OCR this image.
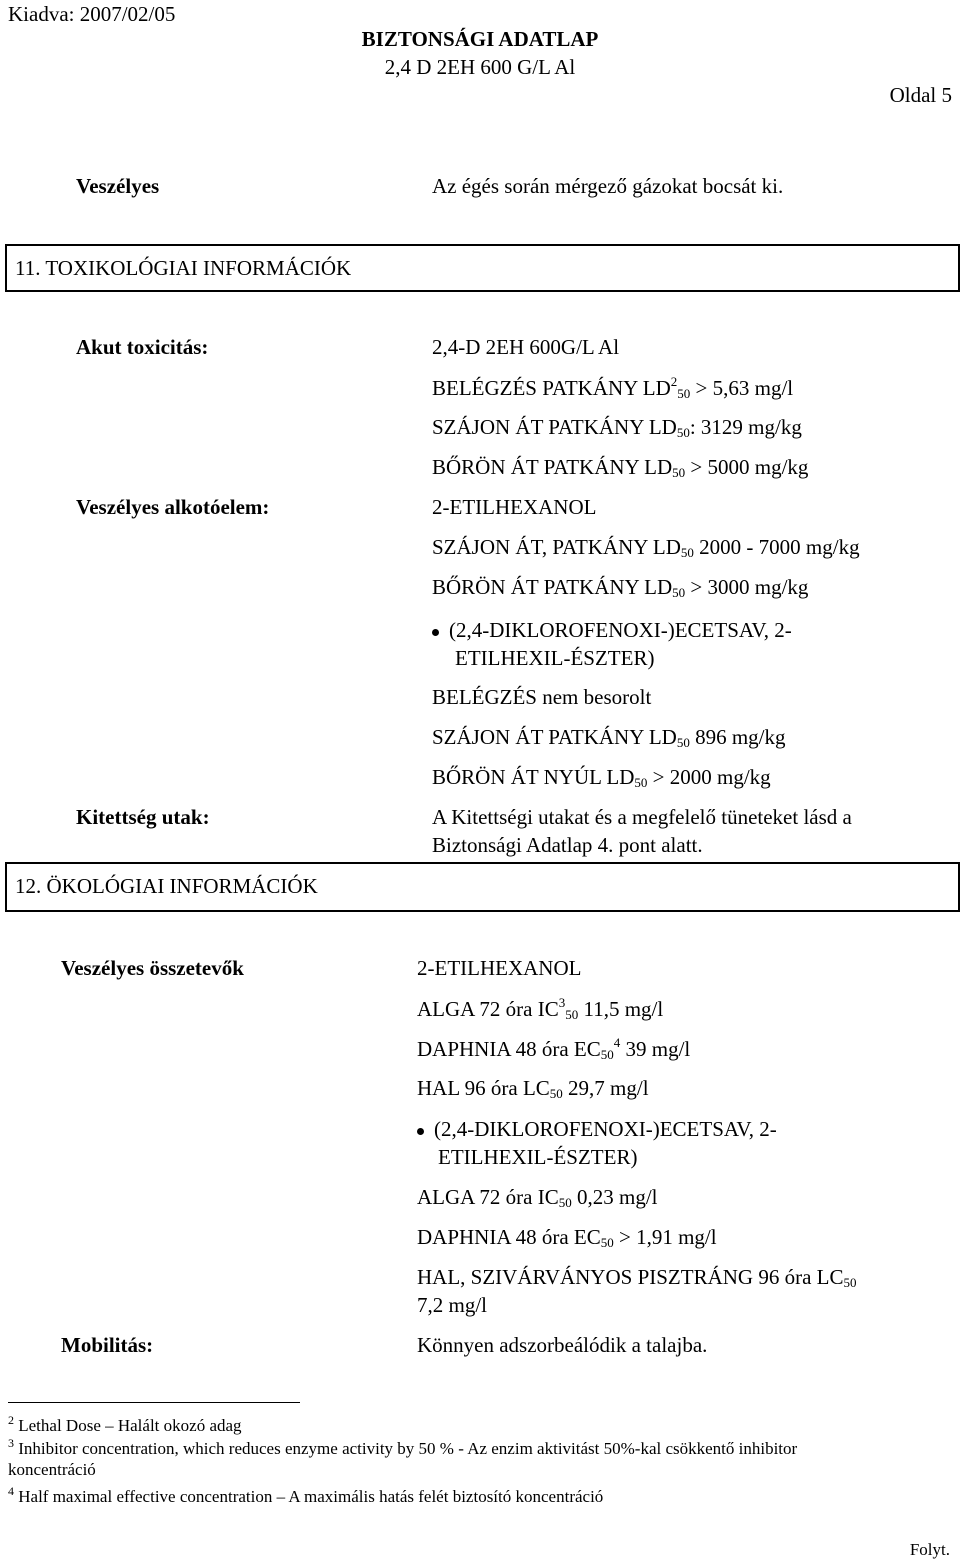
Kiadva: 2007/02/05
BIZTONSÁGI ADATLAP
2,4 D 2EH 600 G/L Al
Oldal 5
Veszélyes	Az égés során mérgező gázokat bocsát ki.
11. TOXIKOLÓGIAI INFORMÁCIÓK
Akut toxicitás:
Veszélyes alkotóelem:
Kitettség utak:
2,4-D 2EH 600G/L Al
BELÉGZÉS PATKÁNY $LD^2_{50} > 5,63$ mg/l
SZÁJON ÁT PATKÁNY $LD_{50}$: 3129 mg/kg
BŐRÖN ÁT PATKÁNY $LD_{50} > 5000$ mg/kg
2-ETILHEXANOL
SZÁJON ÁT, PATKÁNY $LD_{50}$ 2000 - 7000 mg/kg
BŐRÖN ÁT PATKÁNY $LD_{50} > 3000$ mg/kg
(2,4-DIKLOROFENOXI-)ECETSAV, 2-
ETILHEXIL-ÉSZTER)
BELÉGZÉS nem besorolt
SZÁJON ÁT PATKÁNY $LD_{50}$ 896 mg/kg
BŐRÖN ÁT NYÚL $LD_{50} > 2000$ mg/kg
A Kitettségi utakat és a megfelelő tüneteket lásd a
Biztonsági Adatlap 4. pont alatt.
12. ÖKOLÓGIAI INFORMÁCIÓK
Veszélyes összetevők
Mobilitás:
2-ETILHEXANOL
ALGA 72 óra $IC^3_{50}$ 11,5 mg/l
DAPHNIA 48 óra $EC_{50}^4$ 39 mg/l
HAL 96 óra $LC_{50}$ 29,7 mg/l
(2,4-DIKLOROFENOXI-)ECETSAV, 2-
ETILHEXIL-ÉSZTER)
ALGA 72 óra $IC_{50}$ 0,23 mg/l
DAPHNIA 48 óra $EC_{50} > 1,91$ mg/l
HAL, SZIVÁRVÁNYOS PISZTRÁNG 96 óra $LC_{50}$
7,2 mg/l
Könnyen adszorbeálódik a talajba.
$^2$ Lethal Dose – Halált okozó adag
$^3$ Inhibitor concentration, which reduces enzyme activity by 50 % - Az enzim aktivitást 50%-kal csökkentő inhibitor
koncentráció
$^4$ Half maximal effective concentration – A maximális hatás felét biztosító koncentráció
Folyt.
